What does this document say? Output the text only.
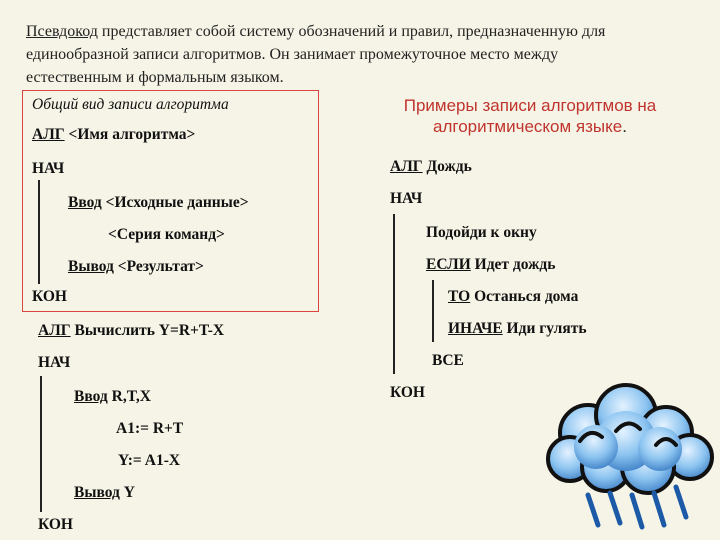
Псевдокод представляет собой систему обозначений и правил, предназначенную для
единообразной записи алгоритмов. Он занимает промежуточное место между
естественным и формальным языком.
Общий вид записи алгоритма
АЛГ <Имя алгоритма>
НАЧ
Ввод <Исходные данные>
<Серия команд>
Вывод <Результат>
КОН
АЛГ Вычислить Y=R+T-X
НАЧ
Ввод R,T,X
A1:= R+T
Y:= A1-X
Вывод Y
КОН
Примеры записи алгоритмов на
алгоритмическом языке.
АЛГ Дождь
НАЧ
Подойди к окну
ЕСЛИ Идет дождь
ТО Останься дома
ИНАЧЕ Иди гулять
ВСЕ
КОН
